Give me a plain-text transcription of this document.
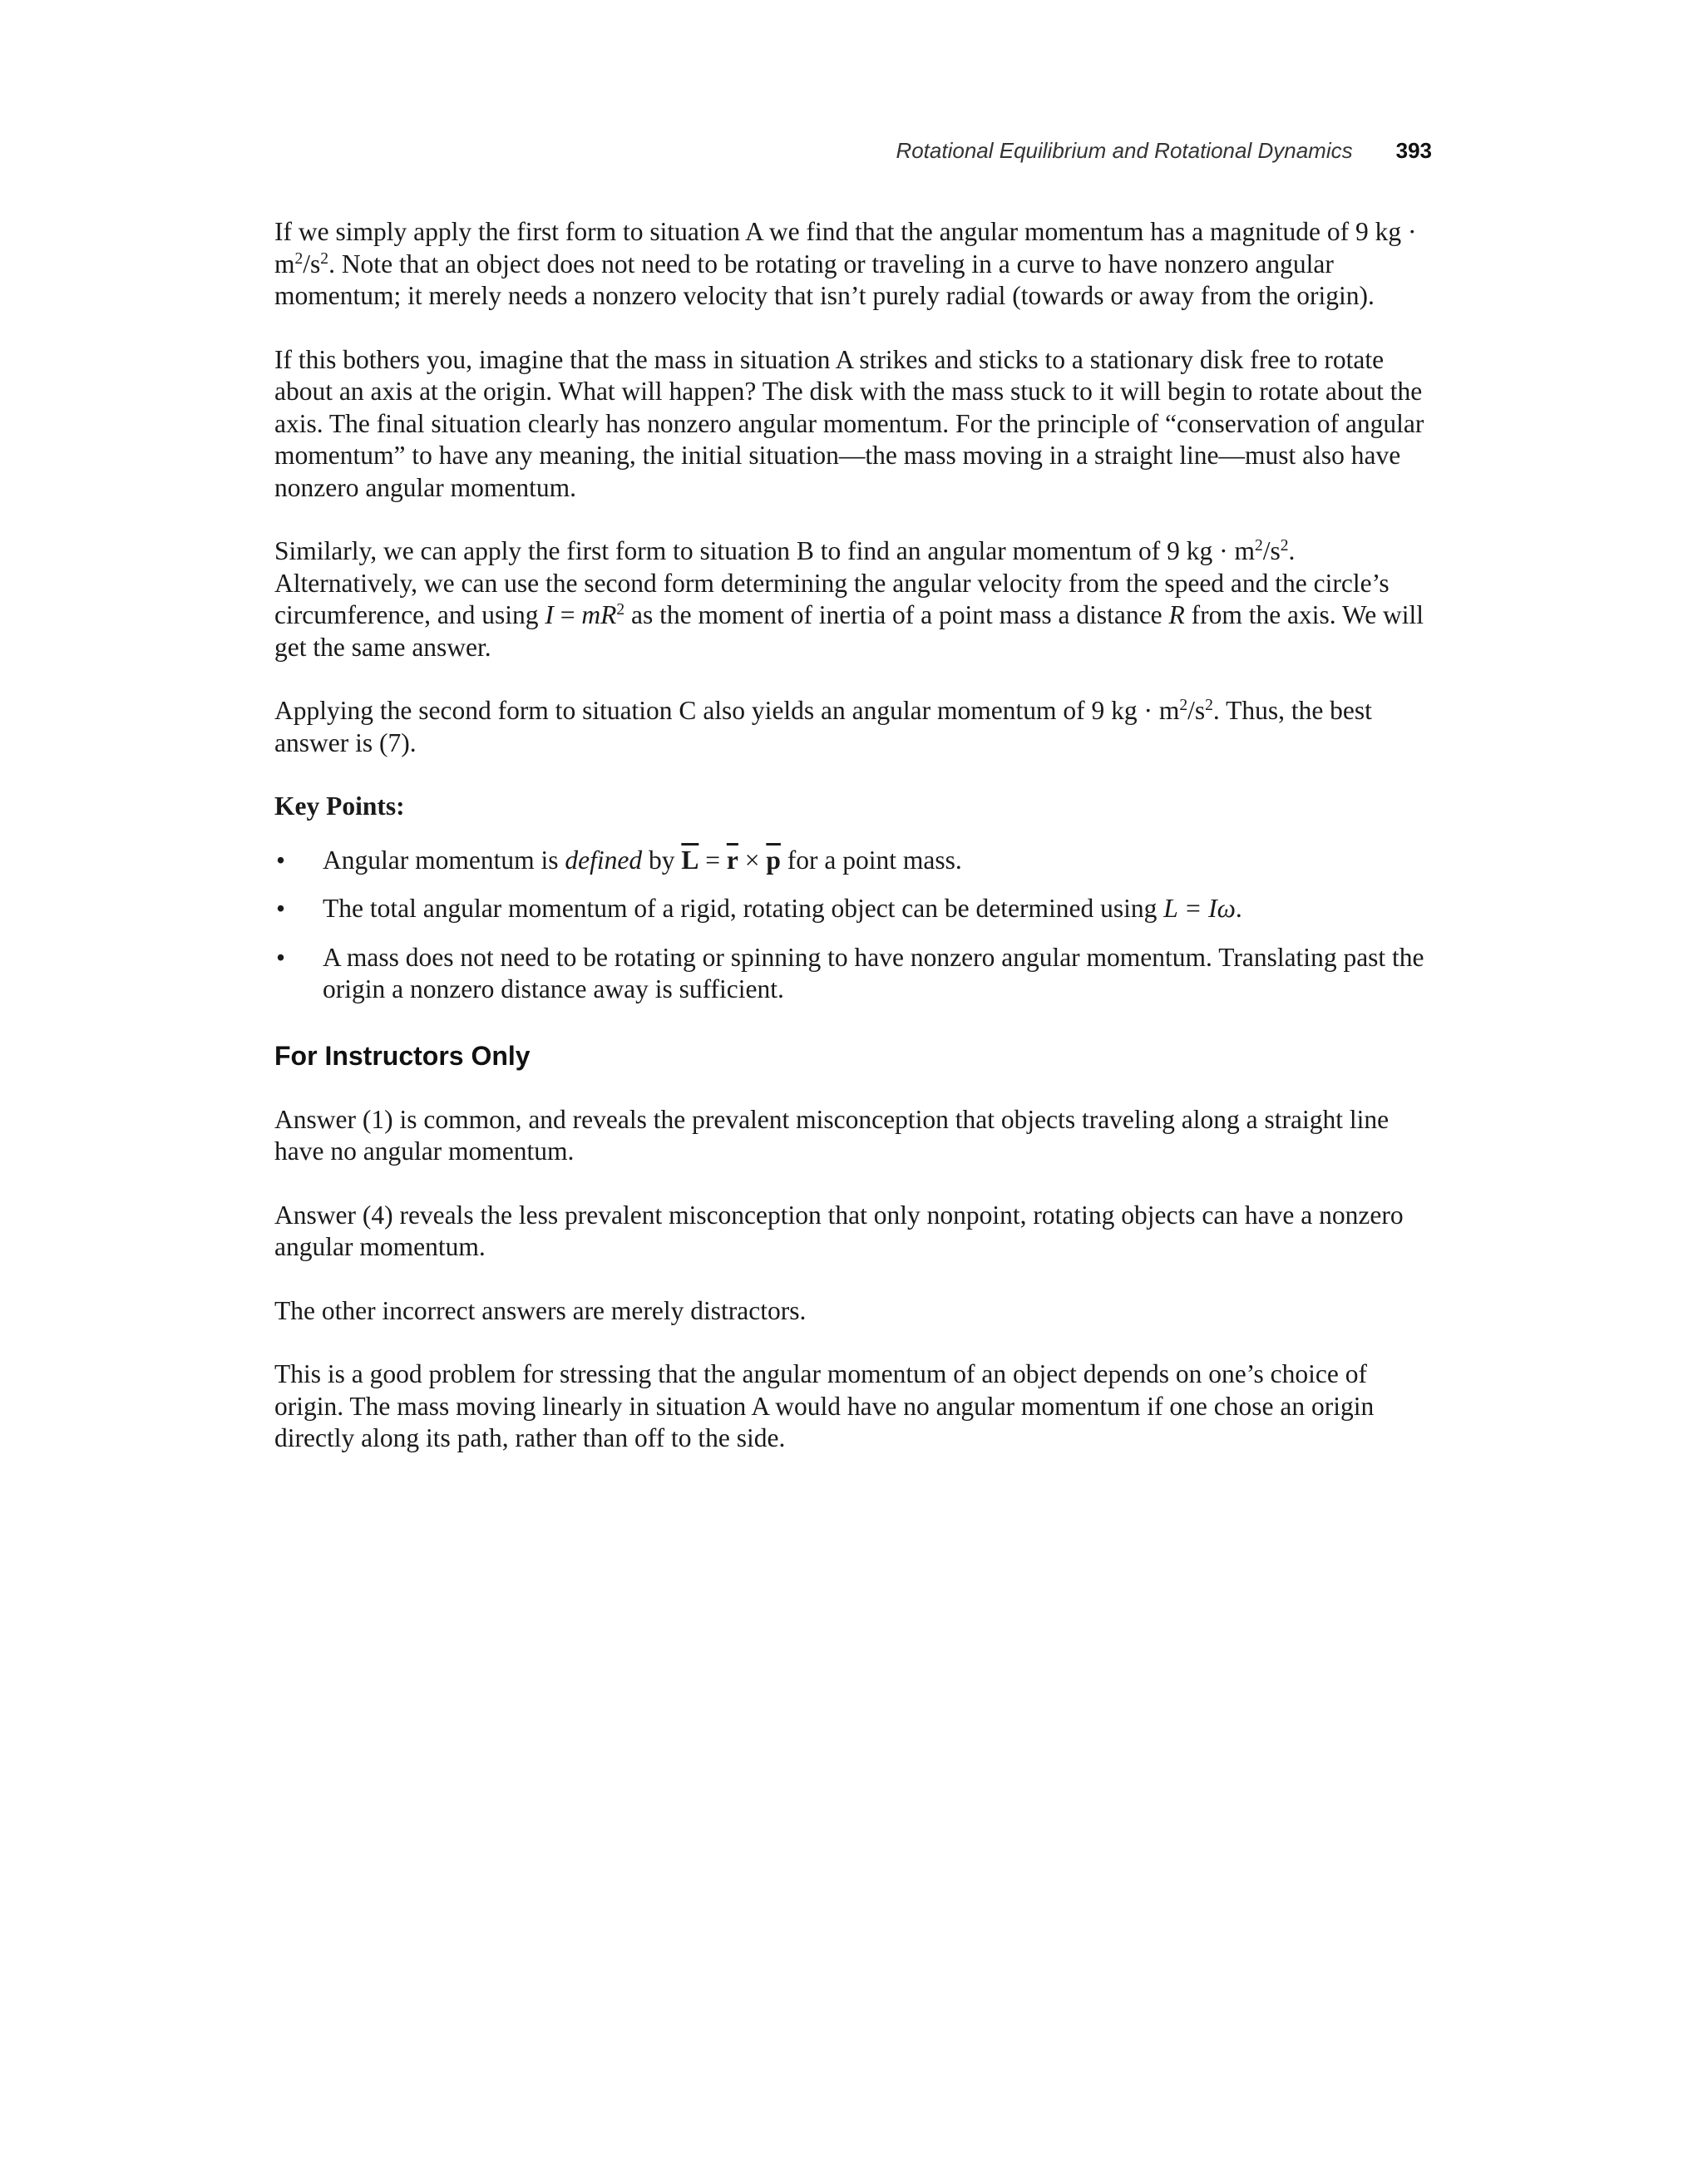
Rotational Equilibrium and Rotational Dynamics 393

If we simply apply the first form to situation A we find that the angular momentum has a magnitude of 9 kg · $m^2/s^2$. Note that an object does not need to be rotating or traveling in a curve to have nonzero angular momentum; it merely needs a nonzero velocity that isn’t purely radial (towards or away from the origin).

If this bothers you, imagine that the mass in situation A strikes and sticks to a stationary disk free to rotate about an axis at the origin. What will happen? The disk with the mass stuck to it will begin to rotate about the axis. The final situation clearly has nonzero angular momentum. For the principle of “conservation of angular momentum” to have any meaning, the initial situation—the mass moving in a straight line—must also have nonzero angular momentum.

Similarly, we can apply the first form to situation B to find an angular momentum of 9 kg · $m^2/s^2$. Alternatively, we can use the second form determining the angular velocity from the speed and the circle’s circumference, and using $I = mR^2$ as the moment of inertia of a point mass a distance R from the axis. We will get the same answer.

Applying the second form to situation C also yields an angular momentum of 9 kg · $m^2/s^2$. Thus, the best answer is (7).

Key Points:
• Angular momentum is defined by $\overline{L} = \overline{r} \times \overline{p}$ for a point mass.
• The total angular momentum of a rigid, rotating object can be determined using L = Iω.
• A mass does not need to be rotating or spinning to have nonzero angular momentum. Translating past the origin a nonzero distance away is sufficient.
For Instructors Only

Answer (1) is common, and reveals the prevalent misconception that objects traveling along a straight line have no angular momentum.

Answer (4) reveals the less prevalent misconception that only nonpoint, rotating objects can have a nonzero angular momentum.

The other incorrect answers are merely distractors.

This is a good problem for stressing that the angular momentum of an object depends on one’s choice of origin. The mass moving linearly in situation A would have no angular momentum if one chose an origin directly along its path, rather than off to the side.
